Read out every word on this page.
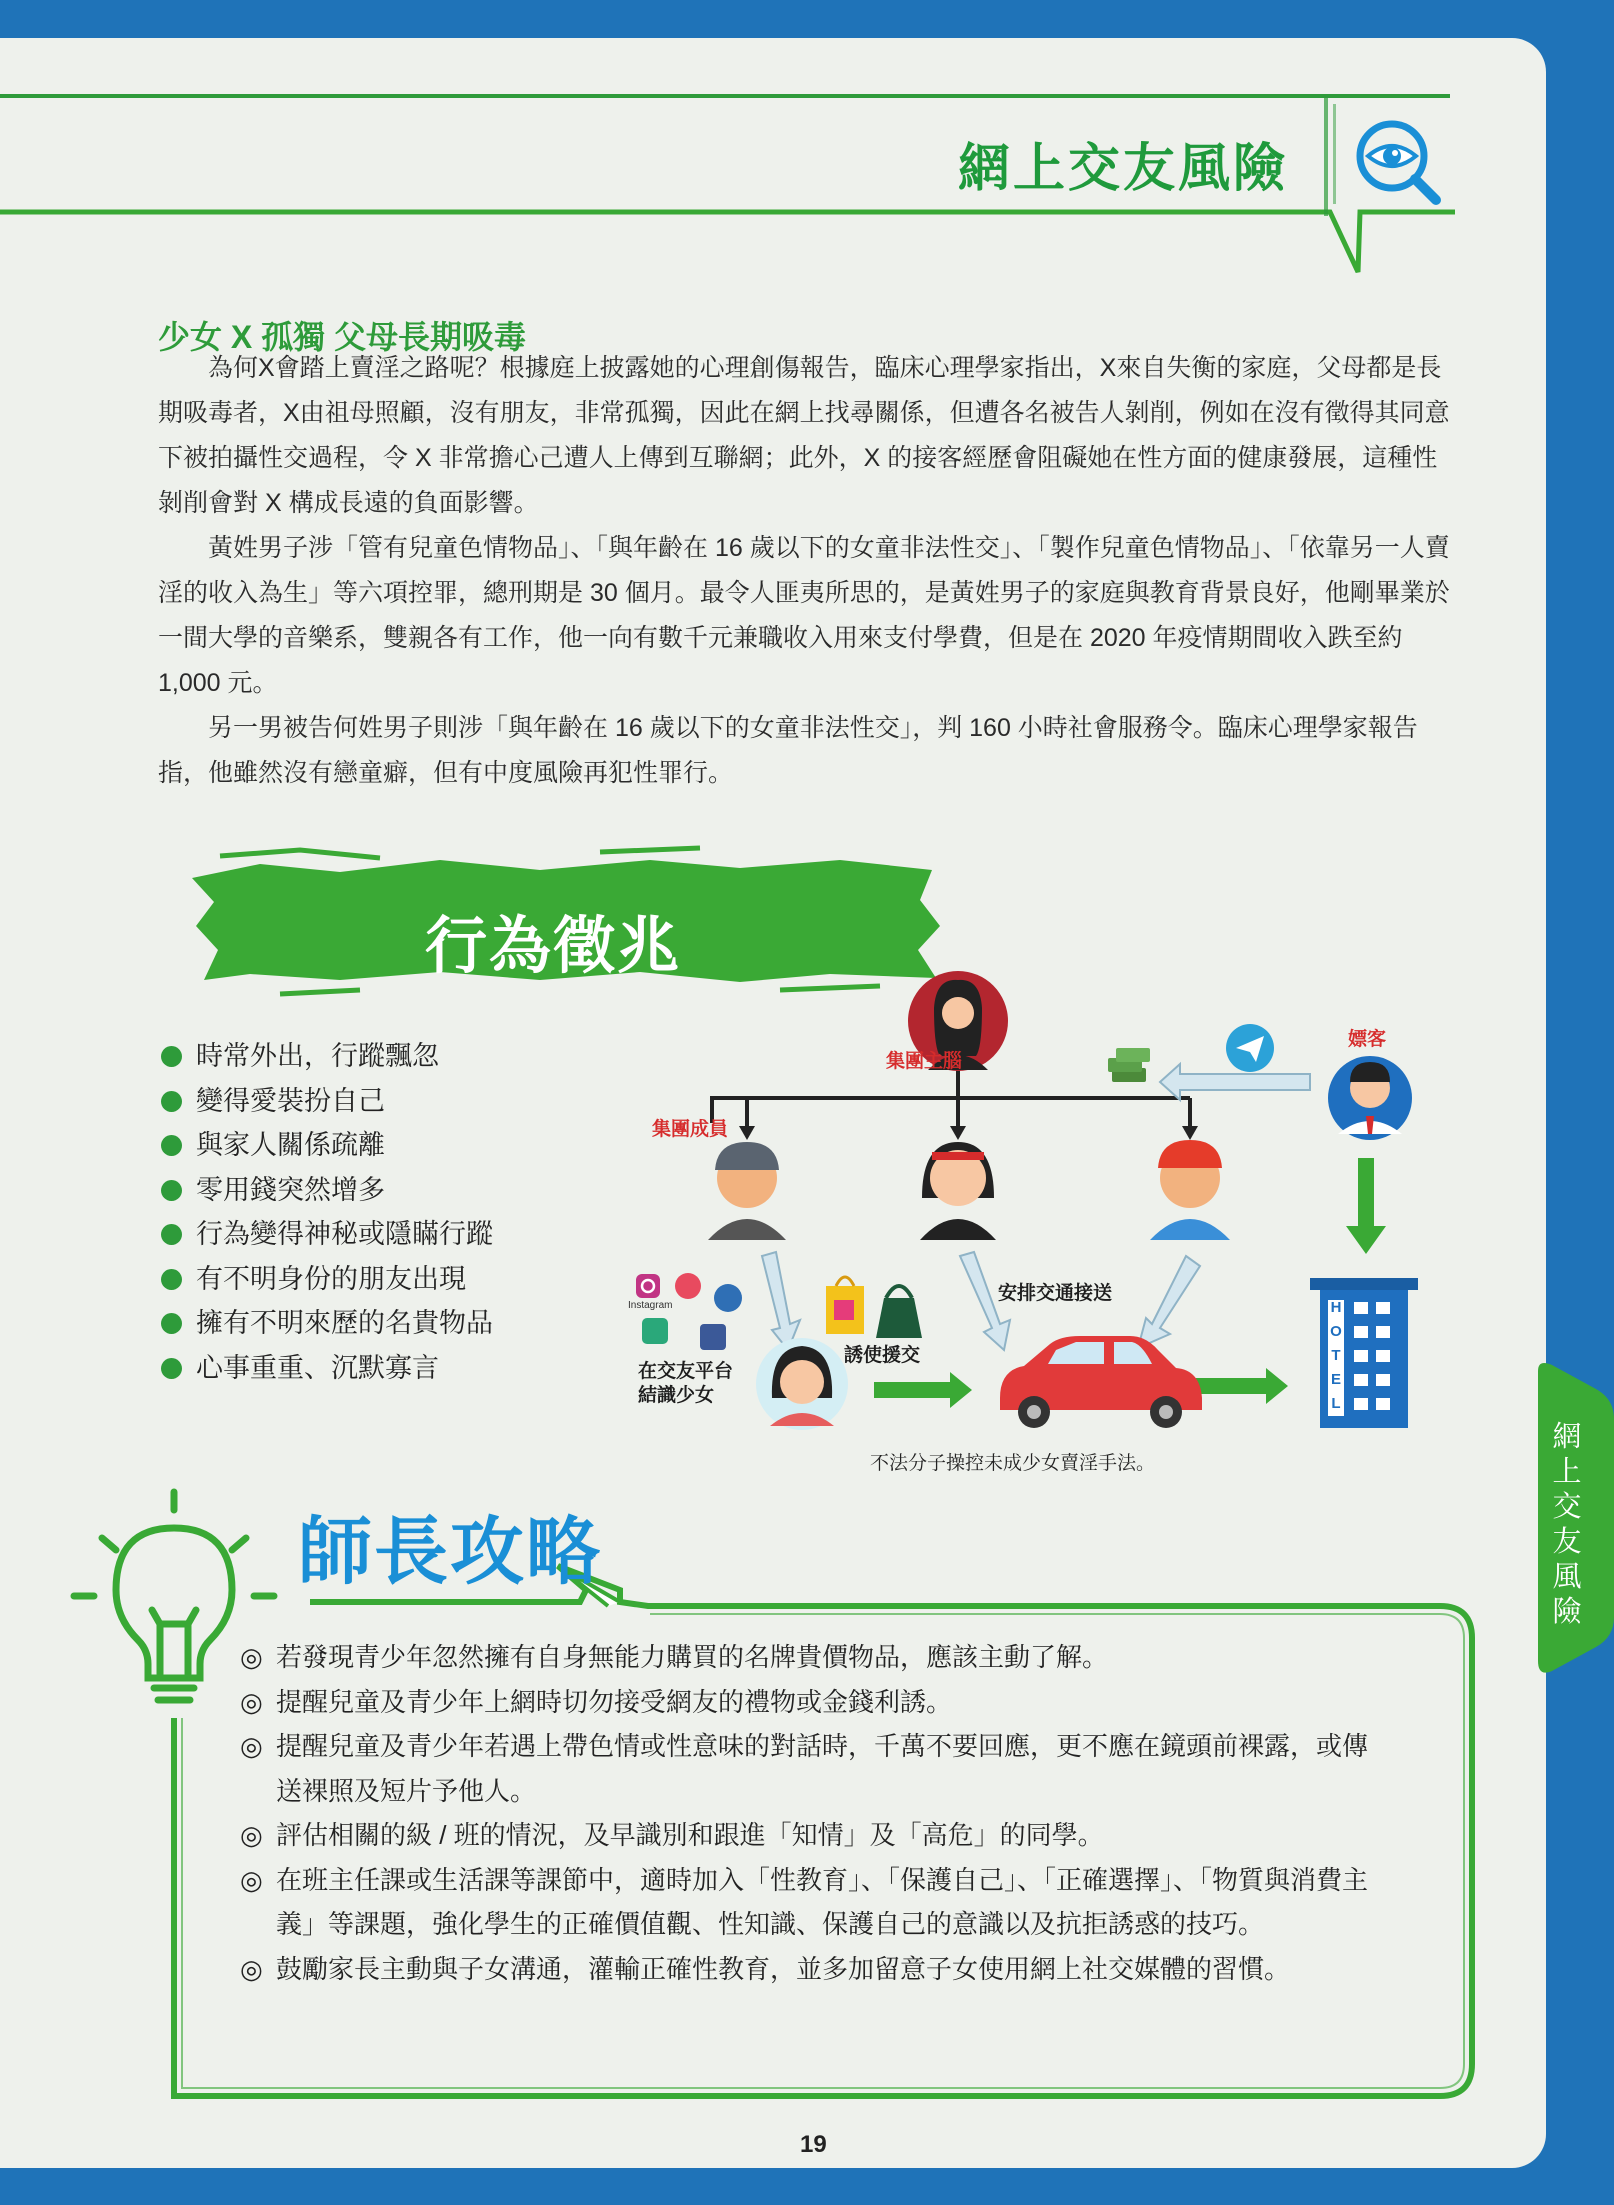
網上交友風險
少女 X 孤獨 父母長期吸毒

為何X會踏上賣淫之路呢？根據庭上披露她的心理創傷報告，臨床心理學家指出，X來自失衡的家庭，父母都是長期吸毒者，X由祖母照顧，沒有朋友，非常孤獨，因此在網上找尋關係，但遭各名被告人剝削，例如在沒有徵得其同意下被拍攝性交過程，令 X 非常擔心己遭人上傳到互聯網；此外，X 的接客經歷會阻礙她在性方面的健康發展，這種性剝削會對 X 構成長遠的負面影響。

黃姓男子涉「管有兒童色情物品」、「與年齡在 16 歲以下的女童非法性交」、「製作兒童色情物品」、「依靠另一人賣淫的收入為生」等六項控罪，總刑期是 30 個月。最令人匪夷所思的，是黃姓男子的家庭與教育背景良好，他剛畢業於一間大學的音樂系，雙親各有工作，他一向有數千元兼職收入用來支付學費，但是在 2020 年疫情期間收入跌至約 1,000 元。

另一男被告何姓男子則涉「與年齡在 16 歲以下的女童非法性交」，判 160 小時社會服務令。臨床心理學家報告指，他雖然沒有戀童癖，但有中度風險再犯性罪行。

行為徵兆
時常外出，行蹤飄忽
變得愛裝扮自己
與家人關係疏離
零用錢突然增多
行為變得神秘或隱瞞行蹤
有不明身份的朋友出現
擁有不明來歷的名貴物品
心事重重、沉默寡言
H
O
T
E
L
集團主腦
嫖客
集團成員
安排交通接送
誘使援交
在交友平台
結識少女
Instagram
不法分子操控未成少女賣淫手法。
師長攻略
◎ 若發現青少年忽然擁有自身無能力購買的名牌貴價物品，應該主動了解。
◎ 提醒兒童及青少年上網時切勿接受網友的禮物或金錢利誘。
◎ 提醒兒童及青少年若遇上帶色情或性意味的對話時，千萬不要回應，更不應在鏡頭前裸露，或傳送裸照及短片予他人。
◎ 評估相關的級 / 班的情況，及早識別和跟進「知情」及「高危」的同學。
◎ 在班主任課或生活課等課節中，適時加入「性教育」、「保護自己」、「正確選擇」、「物質與消費主義」等課題，強化學生的正確價值觀、性知識、保護自己的意識以及抗拒誘惑的技巧。
◎ 鼓勵家長主動與子女溝通，灌輸正確性教育，並多加留意子女使用網上社交媒體的習慣。
19
網上交友風險
